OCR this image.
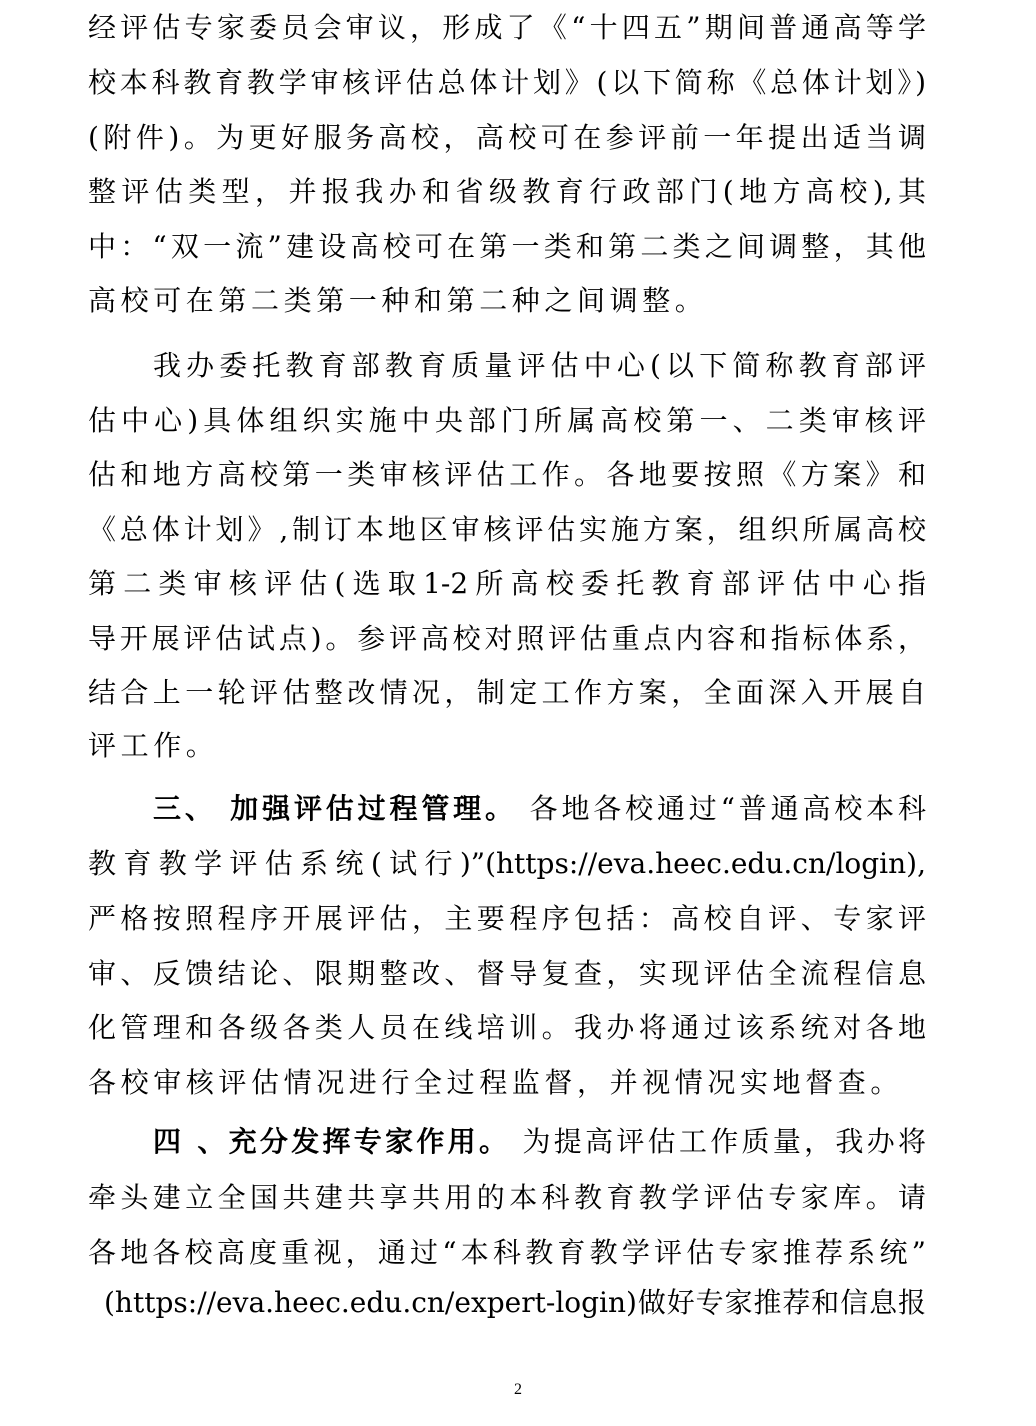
经评估专家委员会审议，形成了《“十四五”期间普通高等学
校本科教育教学审核评估总体计划》(以下简称《总体计划》)
(附件)。为更好服务高校，高校可在参评前一年提出适当调
整评估类型，并报我办和省级教育行政部门(地方高校),其
中：“双一流”建设高校可在第一类和第二类之间调整，其他
高校可在第二类第一种和第二种之间调整。
我办委托教育部教育质量评估中心(以下简称教育部评
估中心)具体组织实施中央部门所属高校第一、二类审核评
估和地方高校第一类审核评估工作。各地要按照《方案》和
《总体计划》,制订本地区审核评估实施方案，组织所属高校
第二类审核评估(选取1-2所高校委托教育部评估中心指
导开展评估试点)。参评高校对照评估重点内容和指标体系，
结合上一轮评估整改情况，制定工作方案，全面深入开展自
评工作。
三、 加强评估过程管理。 各地各校通过“普通高校本科
教育教学评估系统(试行)”(https://eva.heec.edu.cn/login),
严格按照程序开展评估，主要程序包括：高校自评、专家评
审、反馈结论、限期整改、督导复查，实现评估全流程信息
化管理和各级各类人员在线培训。我办将通过该系统对各地
各校审核评估情况进行全过程监督，并视情况实地督查。
四 、充分发挥专家作用。 为提高评估工作质量，我办将
牵头建立全国共建共享共用的本科教育教学评估专家库。请
各地各校高度重视，通过“本科教育教学评估专家推荐系统”
(https://eva.heec.edu.cn/expert-login)做好专家推荐和信息报
2
